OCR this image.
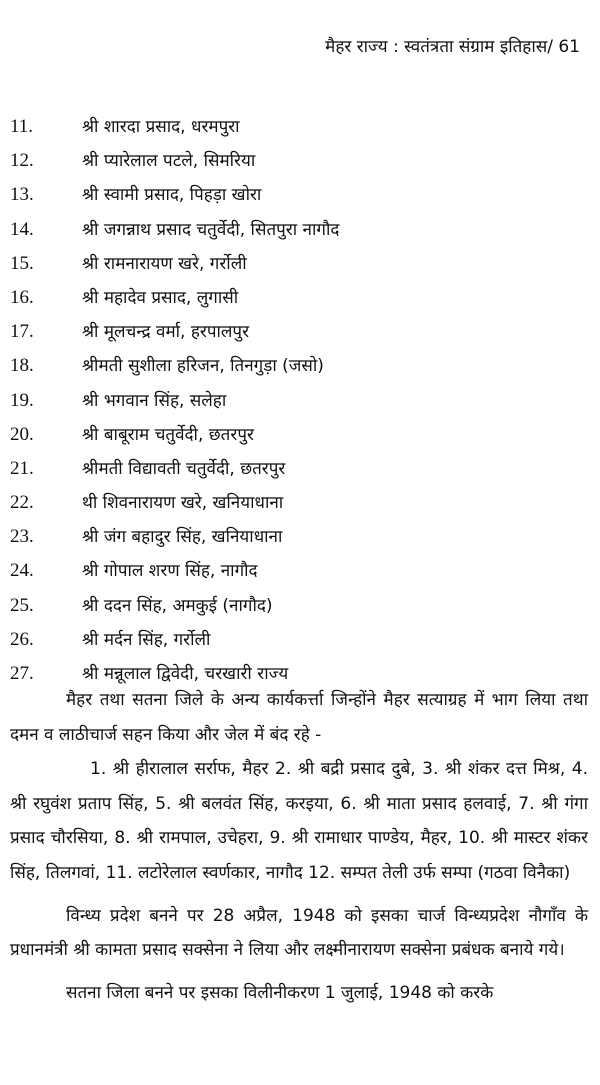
मैहर राज्य : स्वतंत्रता संग्राम इतिहास/ 61
11.	श्री शारदा प्रसाद, धरमपुरा
12.	श्री प्यारेलाल पटले, सिमरिया
13.	श्री स्वामी प्रसाद, पिहड़ा खोरा
14.	श्री जगन्नाथ प्रसाद चतुर्वेदी, सितपुरा नागौद
15.	श्री रामनारायण खरे, गर्रोली
16.	श्री महादेव प्रसाद, लुगासी
17.	श्री मूलचन्द्र वर्मा, हरपालपुर
18.	श्रीमती सुशीला हरिजन, तिनगुड़ा (जसो)
19.	श्री भगवान सिंह, सलेहा
20.	श्री बाबूराम चतुर्वेदी, छतरपुर
21.	श्रीमती विद्यावती चतुर्वेदी, छतरपुर
22.	थी शिवनारायण खरे, खनियाधाना
23.	श्री जंग बहादुर सिंह, खनियाधाना
24.	श्री गोपाल शरण सिंह, नागौद
25.	श्री ददन सिंह, अमकुई (नागौद)
26.	श्री मर्दन सिंह, गर्रोली
27.	श्री मन्नूलाल द्विवेदी, चरखारी राज्य

मैहर तथा सतना जिले के अन्य कार्यकर्त्ता जिन्होंने मैहर सत्याग्रह में भाग लिया तथा दमन व लाठीचार्ज सहन किया और जेल में बंद रहे -

1. श्री हीरालाल सर्राफ, मैहर 2. श्री बद्री प्रसाद दुबे, 3. श्री शंकर दत्त मिश्र, 4. श्री रघुवंश प्रताप सिंह, 5. श्री बलवंत सिंह, करइया, 6. श्री माता प्रसाद हलवाई, 7. श्री गंगा प्रसाद चौरसिया, 8. श्री रामपाल, उचेहरा, 9. श्री रामाधार पाण्डेय, मैहर, 10. श्री मास्टर शंकर सिंह, तिलगवां, 11. लटोरेलाल स्वर्णकार, नागौद 12. सम्पत तेली उर्फ सम्पा (गठवा विनैका)

विन्ध्य प्रदेश बनने पर 28 अप्रैल, 1948 को इसका चार्ज विन्ध्यप्रदेश नौगाँव के प्रधानमंत्री श्री कामता प्रसाद सक्सेना ने लिया और लक्ष्मीनारायण सक्सेना प्रबंधक बनाये गये।

सतना जिला बनने पर इसका विलीनीकरण 1 जुलाई, 1948 को करके
